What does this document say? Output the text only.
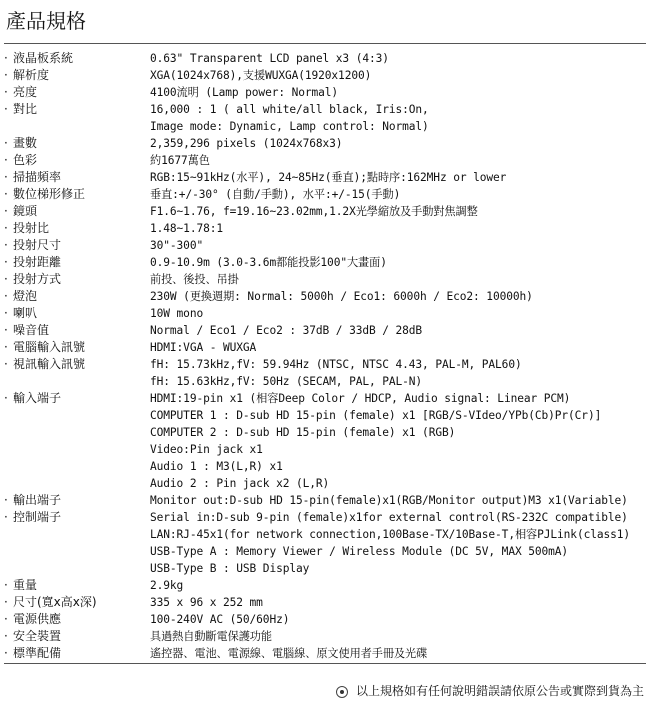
產品規格
· 液晶板系統	0.63" Transparent LCD panel x3 (4:3)
· 解析度	XGA(1024x768),支援WUXGA(1920x1200)
· 亮度	4100流明 (Lamp power: Normal)
· 對比	16,000 : 1 ( all white/all black, Iris:On,
Image mode: Dynamic, Lamp control: Normal)
· 畫數	2,359,296 pixels (1024x768x3)
· 色彩	約1677萬色
· 掃描頻率	RGB:15~91kHz(水平), 24~85Hz(垂直);點時序:162MHz or lower
· 數位梯形修正	垂直:+/-30° (自動/手動), 水平:+/-15(手動)
· 鏡頭	F1.6~1.76, f=19.16~23.02mm,1.2X光學縮放及手動對焦調整
· 投射比	1.48~1.78:1
· 投射尺寸	30"-300"
· 投射距離	0.9-10.9m (3.0-3.6m都能投影100"大畫面)
· 投射方式	前投、後投、吊掛
· 燈泡	230W (更換週期: Normal: 5000h / Eco1: 6000h / Eco2: 10000h)
· 喇叭	10W mono
· 噪音值	Normal / Eco1 / Eco2 : 37dB / 33dB / 28dB
· 電腦輸入訊號	HDMI:VGA - WUXGA
· 視訊輸入訊號	fH: 15.73kHz,fV: 59.94Hz (NTSC, NTSC 4.43, PAL-M, PAL60)
fH: 15.63kHz,fV: 50Hz (SECAM, PAL, PAL-N)
· 輸入端子	HDMI:19-pin x1 (相容Deep Color / HDCP, Audio signal: Linear PCM)
COMPUTER 1 : D-sub HD 15-pin (female) x1 [RGB/S-VIdeo/YPb(Cb)Pr(Cr)]
COMPUTER 2 : D-sub HD 15-pin (female) x1 (RGB)
Video:Pin jack x1
Audio 1 : M3(L,R) x1
Audio 2 : Pin jack x2 (L,R)
· 輸出端子	Monitor out:D-sub HD 15-pin(female)x1(RGB/Monitor output)M3 x1(Variable)
· 控制端子	Serial in:D-sub 9-pin (female)x1for external control(RS-232C compatible)
LAN:RJ-45x1(for network connection,100Base-TX/10Base-T,相容PJLink(class1)
USB-Type A : Memory Viewer / Wireless Module (DC 5V, MAX 500mA)
USB-Type B : USB Display
· 重量	2.9kg
· 尺寸(寬x高x深)	335 x 96 x 252 mm
· 電源供應	100-240V AC (50/60Hz)
· 安全裝置	具過熱自動斷電保護功能
· 標準配備	遙控器、電池、電源線、電腦線、原文使用者手冊及光碟
以上規格如有任何說明錯誤請依原公告或實際到貨為主
